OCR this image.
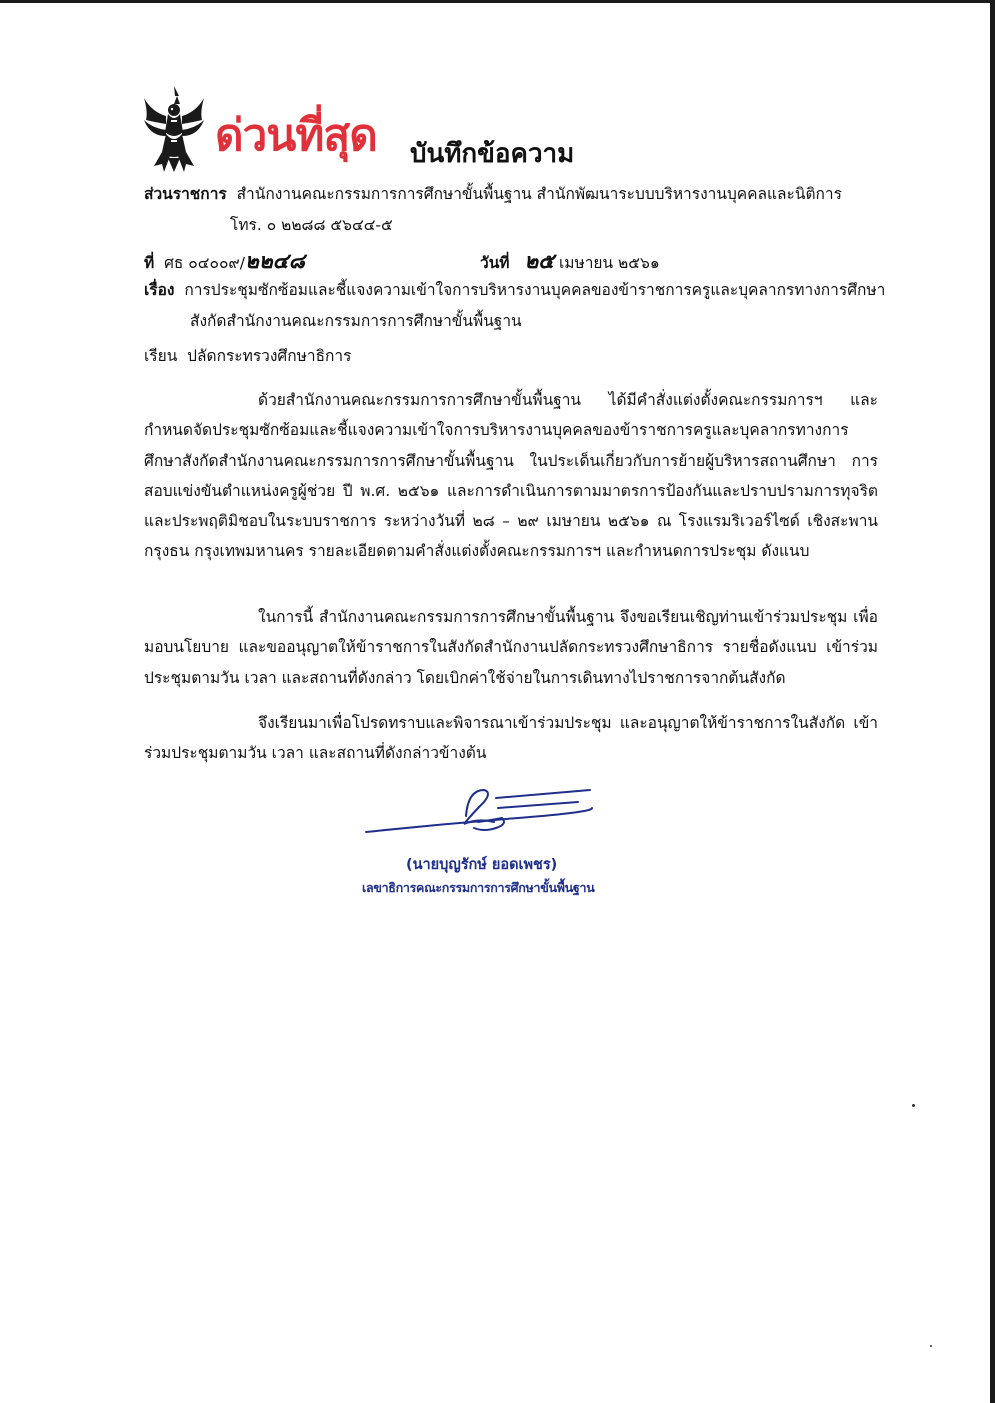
ด่วนที่สุด บันทึกข้อความ
ส่วนราชการ สำนักงานคณะกรรมการการศึกษาขั้นพื้นฐาน สำนักพัฒนาระบบบริหารงานบุคคลและนิติการ
โทร. ๐ ๒๒๘๘ ๕๖๔๔-๕
ที่ ศธ ๐๔๐๐๙/๒๒๔๘	วันที่ ๒๕ เมษายน ๒๕๖๑
เรื่อง การประชุมซักซ้อมและชี้แจงความเข้าใจการบริหารงานบุคคลของข้าราชการครูและบุคลากรทางการศึกษา
สังกัดสำนักงานคณะกรรมการการศึกษาขั้นพื้นฐาน
เรียน ปลัดกระทรวงศึกษาธิการ

ด้วยสำนักงานคณะกรรมการการศึกษาขั้นพื้นฐาน ได้มีคำสั่งแต่งตั้งคณะกรรมการฯ และกำหนดจัดประชุมซักซ้อมและชี้แจงความเข้าใจการบริหารงานบุคคลของข้าราชการครูและบุคลากรทางการศึกษาสังกัดสำนักงานคณะกรรมการการศึกษาขั้นพื้นฐาน ในประเด็นเกี่ยวกับการย้ายผู้บริหารสถานศึกษา การสอบแข่งขันตำแหน่งครูผู้ช่วย ปี พ.ศ. ๒๕๖๑ และการดำเนินการตามมาตรการป้องกันและปราบปรามการทุจริตและประพฤติมิชอบในระบบราชการ ระหว่างวันที่ ๒๘ – ๒๙ เมษายน ๒๕๖๑ ณ โรงแรมริเวอร์ไซด์ เชิงสะพานกรุงธน กรุงเทพมหานคร รายละเอียดตามคำสั่งแต่งตั้งคณะกรรมการฯ และกำหนดการประชุม ดังแนบ

ในการนี้ สำนักงานคณะกรรมการการศึกษาขั้นพื้นฐาน จึงขอเรียนเชิญท่านเข้าร่วมประชุม เพื่อมอบนโยบาย และขออนุญาตให้ข้าราชการในสังกัดสำนักงานปลัดกระทรวงศึกษาธิการ รายชื่อดังแนบ เข้าร่วมประชุมตามวัน เวลา และสถานที่ดังกล่าว โดยเบิกค่าใช้จ่ายในการเดินทางไปราชการจากต้นสังกัด

จึงเรียนมาเพื่อโปรดทราบและพิจารณาเข้าร่วมประชุม และอนุญาตให้ข้าราชการในสังกัด เข้าร่วมประชุมตามวัน เวลา และสถานที่ดังกล่าวข้างต้น

(นายบุญรักษ์ ยอดเพชร)
เลขาธิการคณะกรรมการการศึกษาขั้นพื้นฐาน
